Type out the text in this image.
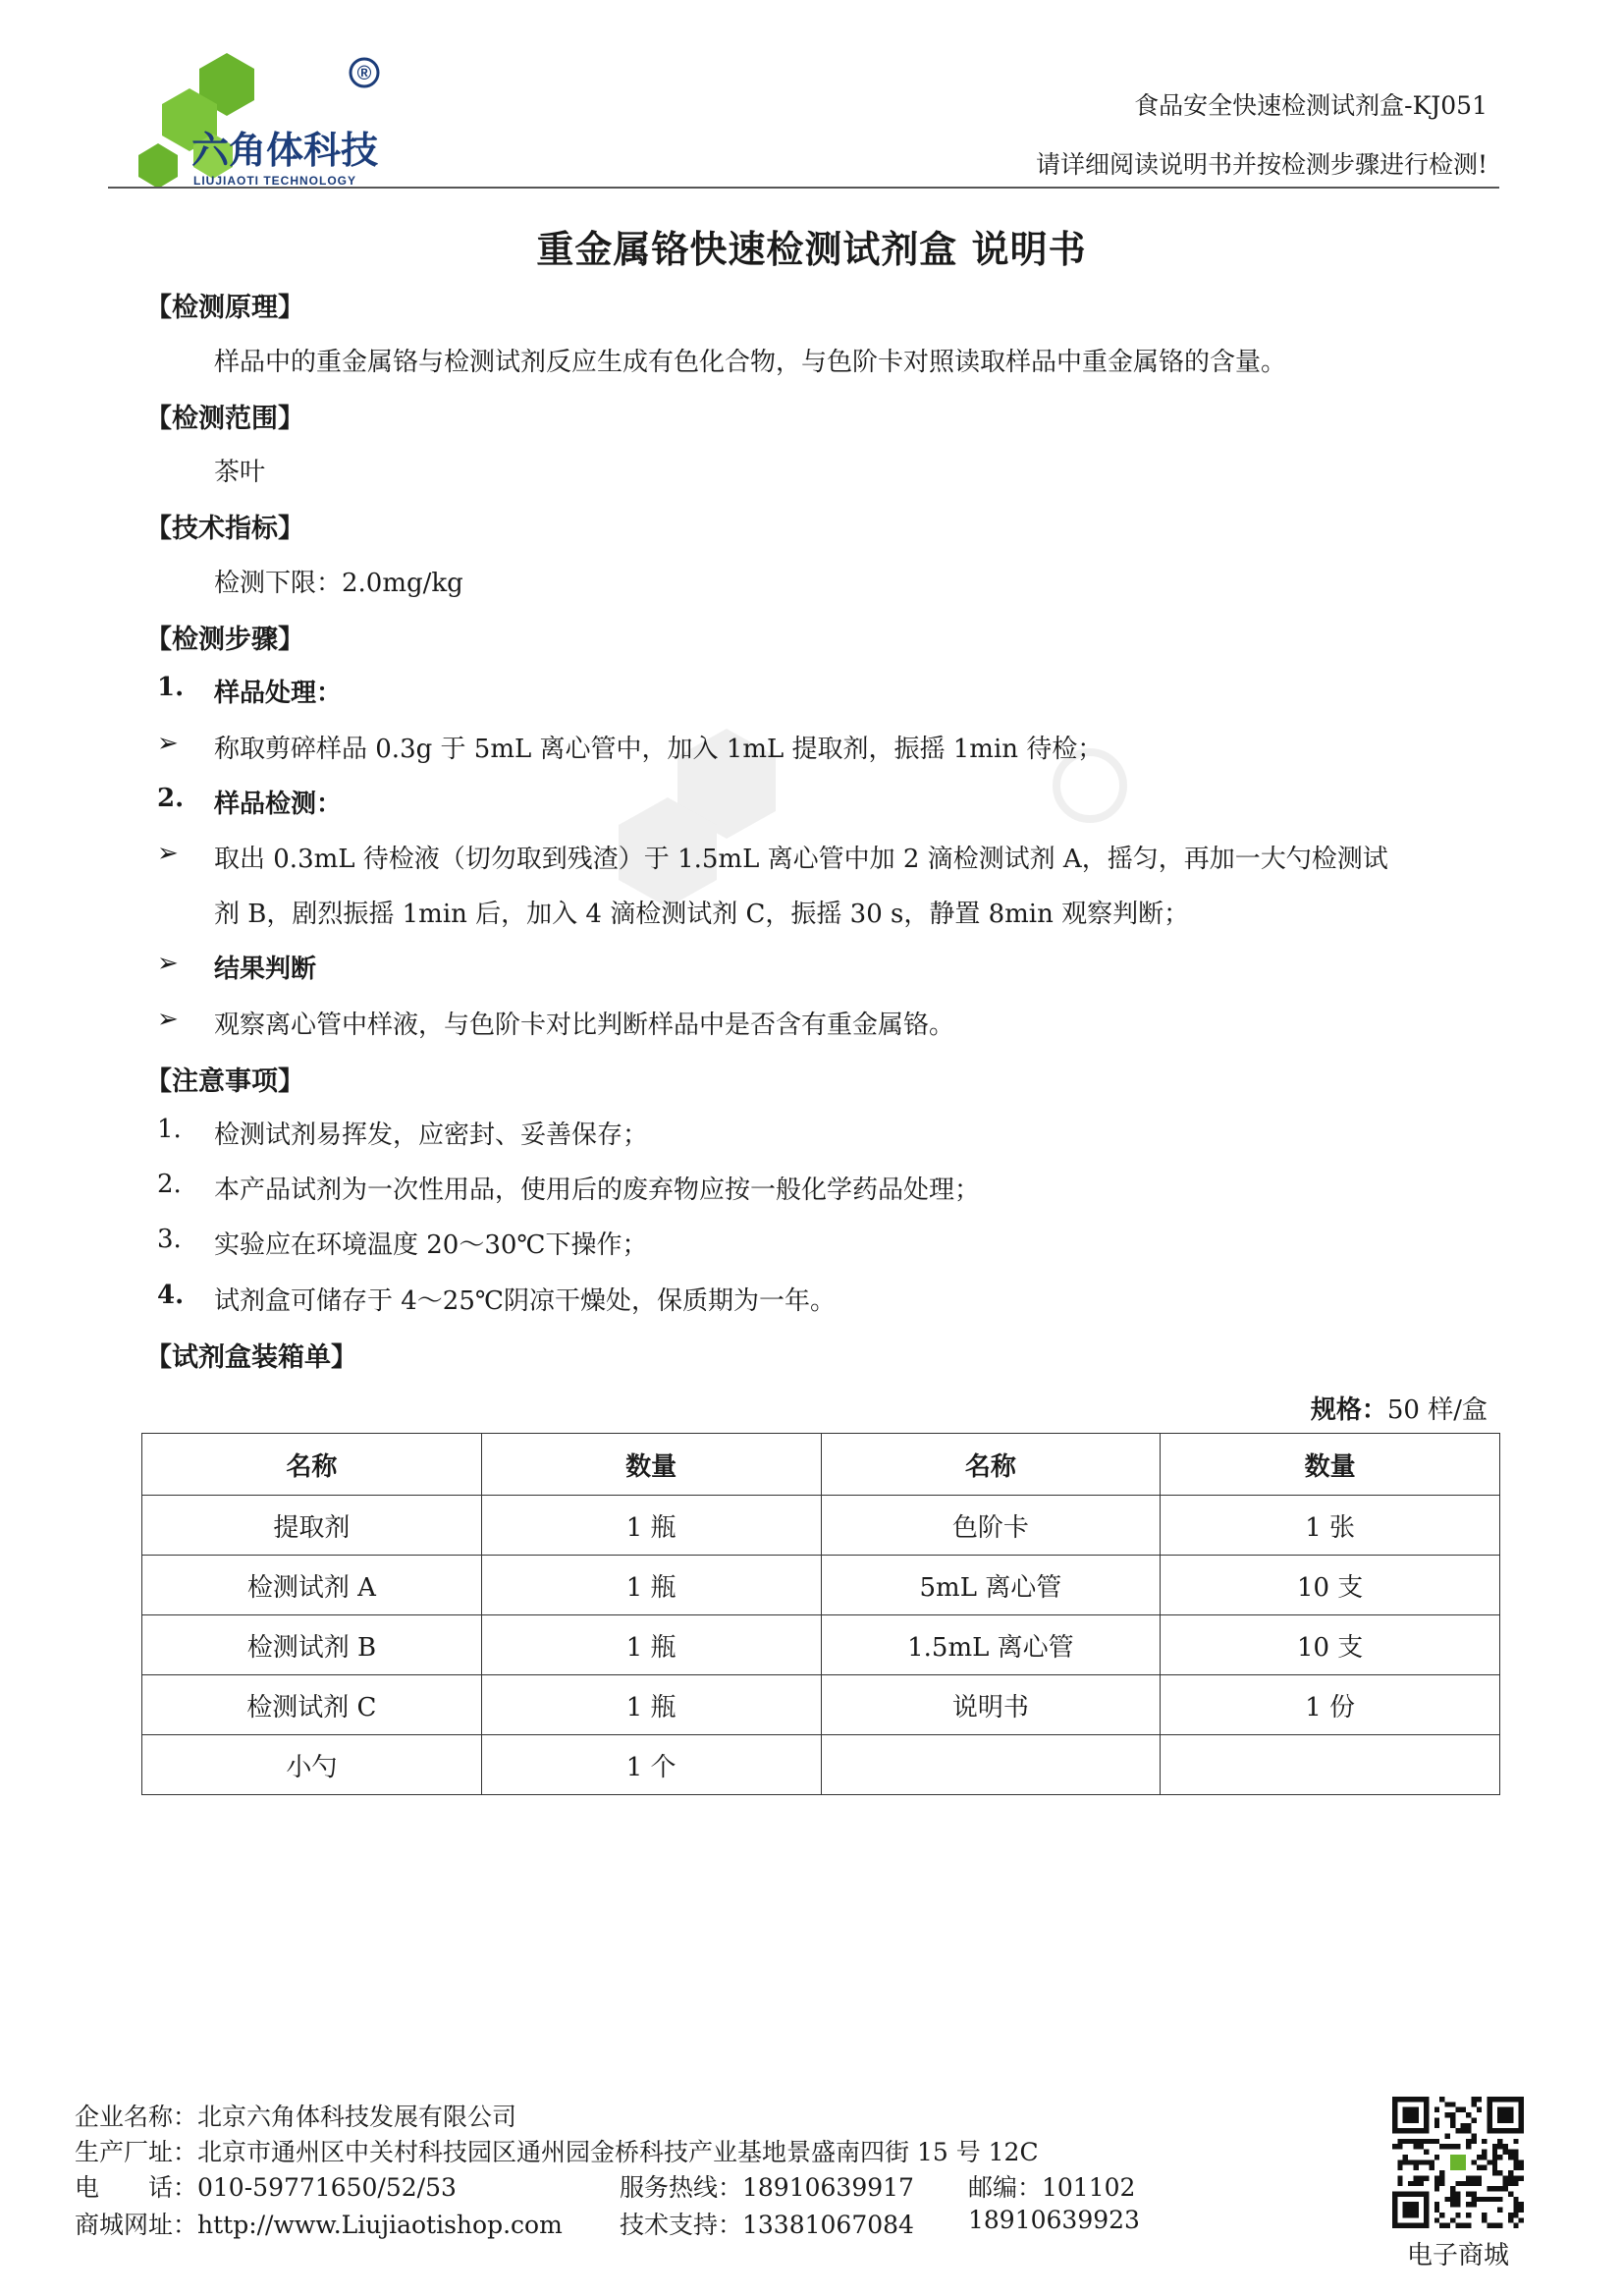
®
六角体科技
LIUJIAOTI TECHNOLOGY
食品安全快速检测试剂盒-KJ051
请详细阅读说明书并按检测步骤进行检测!
重金属铬快速检测试剂盒 说明书
【检测原理】
样品中的重金属铬与检测试剂反应生成有色化合物，与色阶卡对照读取样品中重金属铬的含量。
【检测范围】
茶叶
【技术指标】
检测下限：2.0mg/kg
【检测步骤】
1. 样品处理：
➢ 称取剪碎样品 0.3g 于 5mL 离心管中，加入 1mL 提取剂，振摇 1min 待检；
2. 样品检测：
➢ 取出 0.3mL 待检液（切勿取到残渣）于 1.5mL 离心管中加 2 滴检测试剂 A，摇匀，再加一大勺检测试
剂 B，剧烈振摇 1min 后，加入 4 滴检测试剂 C，振摇 30 s，静置 8min 观察判断；
➢ 结果判断
➢ 观察离心管中样液，与色阶卡对比判断样品中是否含有重金属铬。
【注意事项】
1. 检测试剂易挥发，应密封、妥善保存；
2. 本产品试剂为一次性用品，使用后的废弃物应按一般化学药品处理；
3. 实验应在环境温度 20～30℃下操作；
4. 试剂盒可储存于 4～25℃阴凉干燥处，保质期为一年。
【试剂盒装箱单】
规格：50 样/盒
名称	数量	名称	数量
提取剂	1 瓶	色阶卡	1 张
检测试剂 A	1 瓶	5mL 离心管	10 支
检测试剂 B	1 瓶	1.5mL 离心管	10 支
检测试剂 C	1 瓶	说明书	1 份
小勺	1 个		
企业名称：北京六角体科技发展有限公司
生产厂址：北京市通州区中关村科技园区通州园金桥科技产业基地景盛南四街 15 号 12C
电　　话：010-59771650/52/53	服务热线：18910639917 邮编：101102
商城网址：http://www.Liujiaotishop.com 技术支持：13381067084 18910639923
电子商城
